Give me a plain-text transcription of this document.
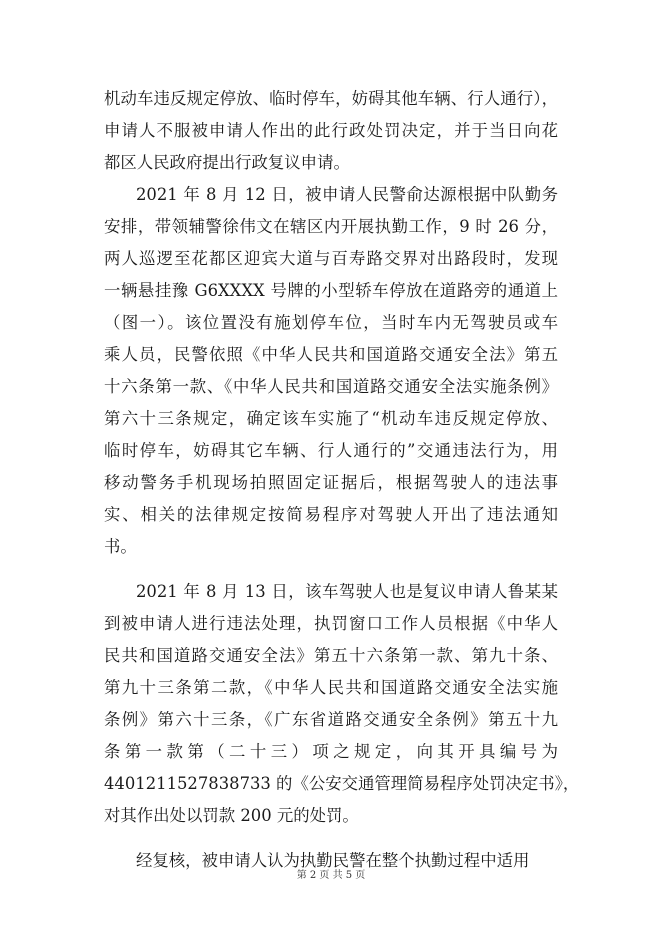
机动车违反规定停放、临时停车，妨碍其他车辆、行人通行），
申请人不服被申请人作出的此行政处罚决定，并于当日向花
都区人民政府提出行政复议申请。
2021 年 8 月 12 日，被申请人民警俞达源根据中队勤务
安排，带领辅警徐伟文在辖区内开展执勤工作，9 时 26 分，
两人巡逻至花都区迎宾大道与百寿路交界对出路段时，发现
一辆悬挂豫 G6XXXX 号牌的小型轿车停放在道路旁的通道上
（图一）。该位置没有施划停车位，当时车内无驾驶员或车
乘人员，民警依照《中华人民共和国道路交通安全法》第五
十六条第一款、《中华人民共和国道路交通安全法实施条例》
第六十三条规定，确定该车实施了“机动车违反规定停放、
临时停车，妨碍其它车辆、行人通行的”交通违法行为，用
移动警务手机现场拍照固定证据后，根据驾驶人的违法事
实、相关的法律规定按简易程序对驾驶人开出了违法通知
书。
2021 年 8 月 13 日，该车驾驶人也是复议申请人鲁某某
到被申请人进行违法处理，执罚窗口工作人员根据《中华人
民共和国道路交通安全法》第五十六条第一款、第九十条、
第九十三条第二款，《中华人民共和国道路交通安全法实施
条例》第六十三条，《广东省道路交通安全条例》第五十九
条第一款第（二十三）项之规定，向其开具编号为
4401211527838733 的《公安交通管理简易程序处罚决定书》，
对其作出处以罚款 200 元的处罚。
经复核，被申请人认为执勤民警在整个执勤过程中适用
第 2 页 共 5 页
